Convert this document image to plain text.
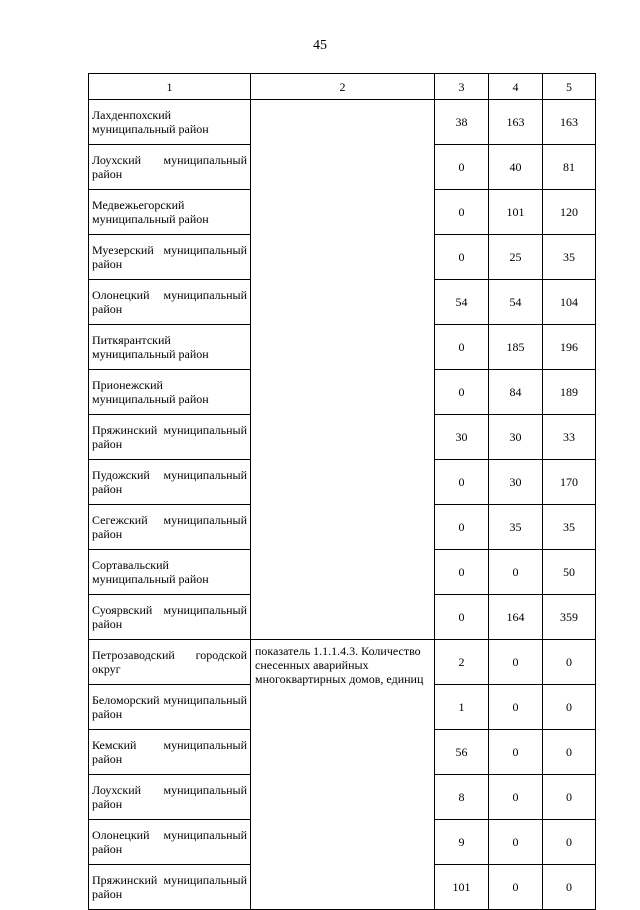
45
1	2	3	4	5
Лахденпохский муниципальный район		38	163	163
Лоухский муниципальный район		0	40	81
Медвежьегорский муниципальный район		0	101	120
Муезерский муниципальный район		0	25	35
Олонецкий муниципальный район		54	54	104
Питкярантский муниципальный район		0	185	196
Прионежский муниципальный район		0	84	189
Пряжинский муниципальный район		30	30	33
Пудожский муниципальный район		0	30	170
Сегежский муниципальный район		0	35	35
Сортавальский муниципальный район		0	0	50
Суоярвский муниципальный район		0	164	359
Петрозаводский городской округ	показатель 1.1.1.4.3. Количество снесенных аварийных многоквартирных домов, единиц	2	0	0
Беломорский муниципальный район		1	0	0
Кемский муниципальный район		56	0	0
Лоухский муниципальный район		8	0	0
Олонецкий муниципальный район		9	0	0
Пряжинский муниципальный район		101	0	0
